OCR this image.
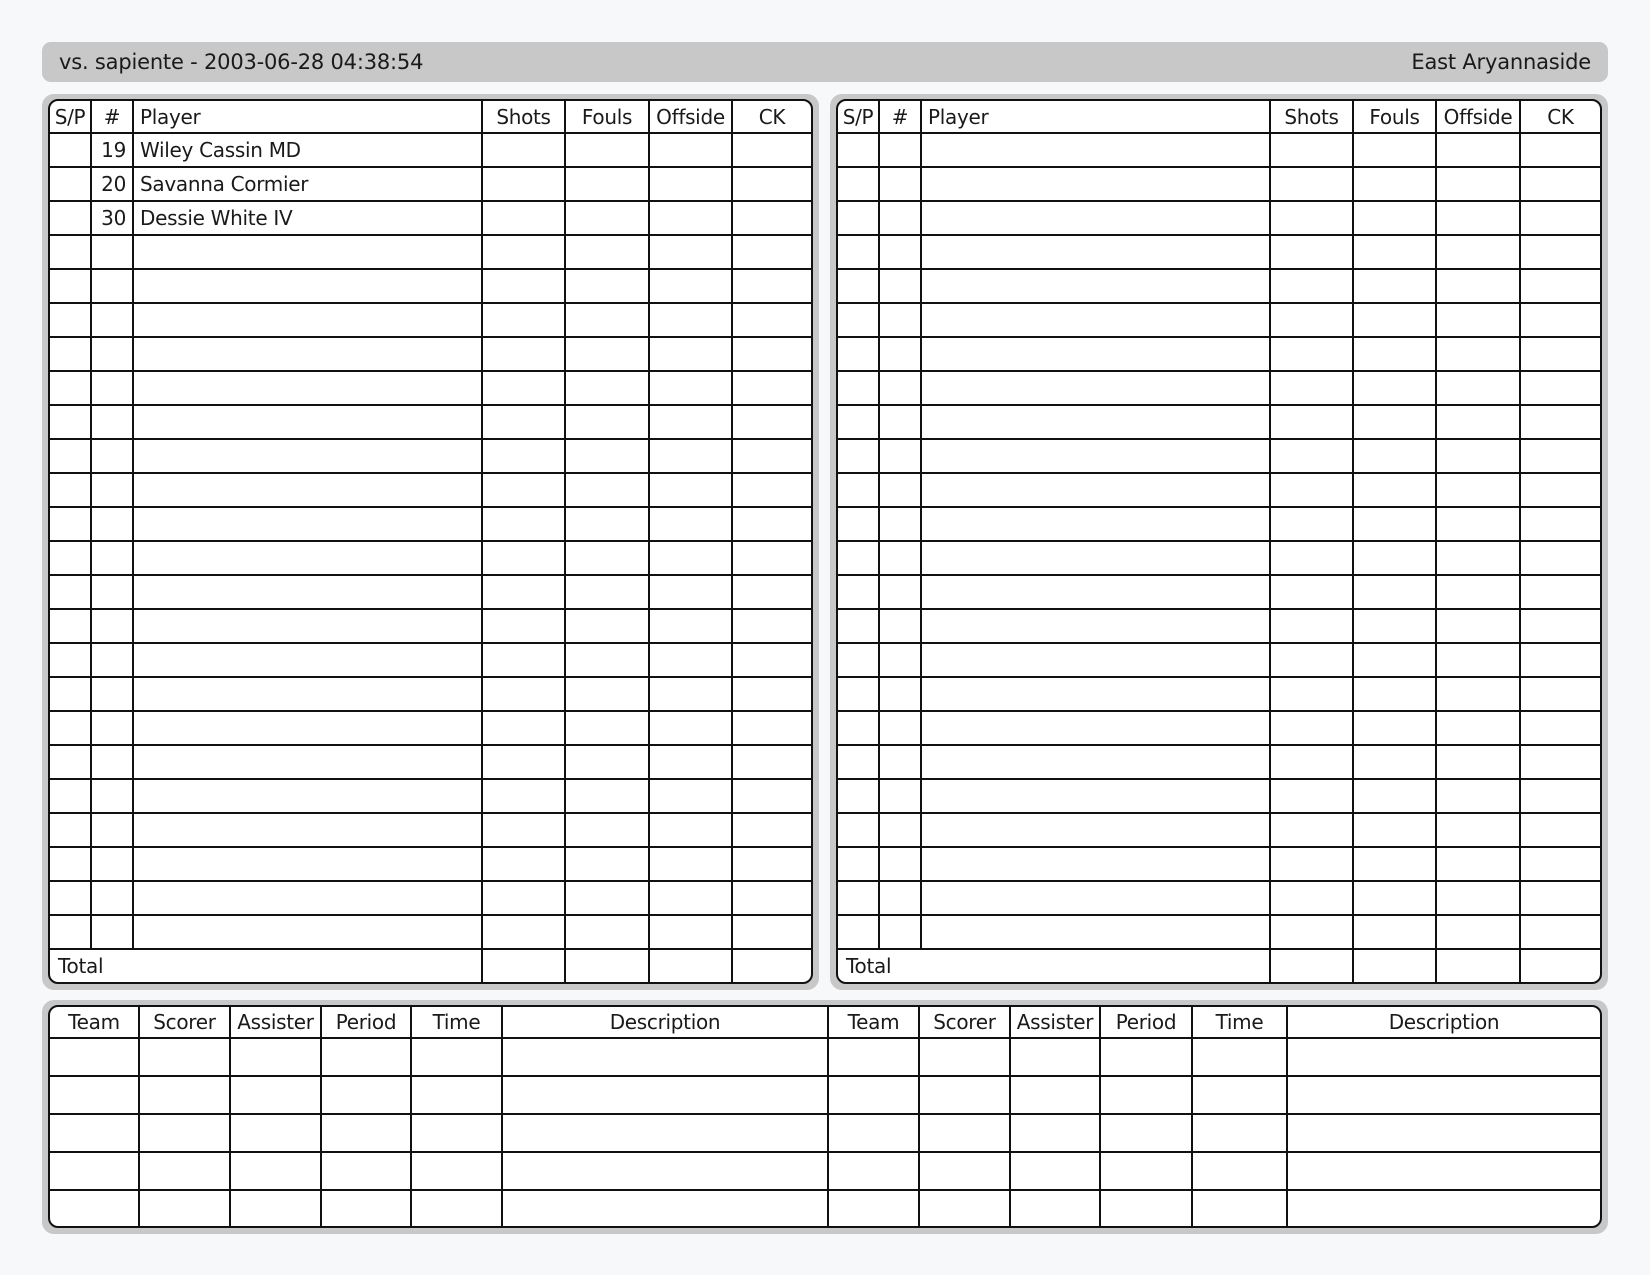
vs. sapiente - 2003-06-28 04:38:54	East Aryannaside
S/P	#	Player	Shots	Fouls	Offside	CK
	19	Wiley Cassin MD				
	20	Savanna Cormier				
	30	Dessie White IV				

Total						
S/P	#	Player	Shots	Fouls	Offside	CK

Total						
Team	Scorer	Assister	Period	Time	Description	Team	Scorer	Assister	Period	Time	Description
